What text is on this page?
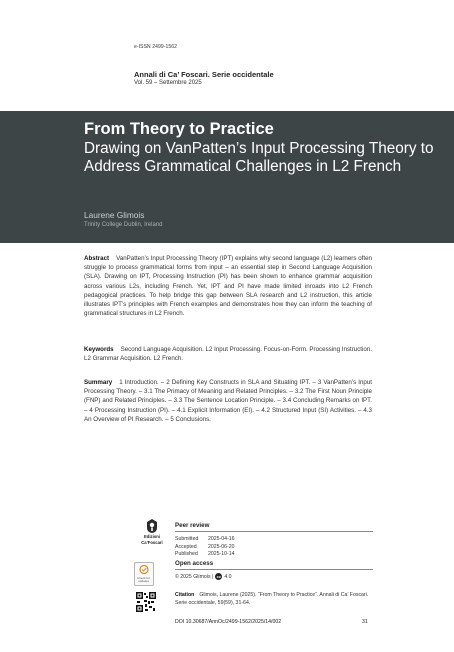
e-ISSN 2499-1562
Annali di Ca’ Foscari. Serie occidentale
Vol. 59 – Settembre 2025
From Theory to Practice
Drawing on VanPatten’s Input Processing Theory to Address Grammatical Challenges in L2 French
Laurene Glimois
Trinity College Dublin, Ireland
Abstract VanPatten’s Input Processing Theory (IPT) explains why second language (L2) learners often struggle to process grammatical forms from input – an essential step in Second Language Acquisition (SLA). Drawing on IPT, Processing Instruction (PI) has been shown to enhance grammar acquisition across various L2s, including French. Yet, IPT and PI have made limited inroads into L2 French pedagogical practices. To help bridge this gap between SLA research and L2 instruction, this article illustrates IPT’s principles with French examples and demonstrates how they can inform the teaching of grammatical structures in L2 French.
Keywords Second Language Acquisition. L2 Input Processing. Focus-on-Form. Processing Instruction. L2 Grammar Acquisition. L2 French.
Summary 1 Introduction. – 2 Defining Key Constructs in SLA and Situating IPT. – 3 VanPatten’s Input Processing Theory. – 3.1 The Primacy of Meaning and Related Principles. – 3.2 The First Noun Principle (FNP) and Related Principles. – 3.3 The Sentence Location Principle. – 3.4 Concluding Remarks on IPT. – 4 Processing Instruction (PI). – 4.1 Explicit Information (EI). – 4.2 Structured Input (SI) Activities. – 4.3 An Overview of PI Research. – 5 Conclusions.
Edizioni
Ca’Foscari
Peer review
Submitted	2025-04-16
Accepted	2025-06-20
Published	2025-10-14
Check for
updates
Open access
© 2025 Glimois | cc 4.0
Citation Glimois, Laurene (2025). “From Theory to Practice”. Annali di Ca’ Foscari. Serie occidentale, 59(59), 31-64.
DOI 10.30687/AnnOc/2499-1562/2025/14/002	31
